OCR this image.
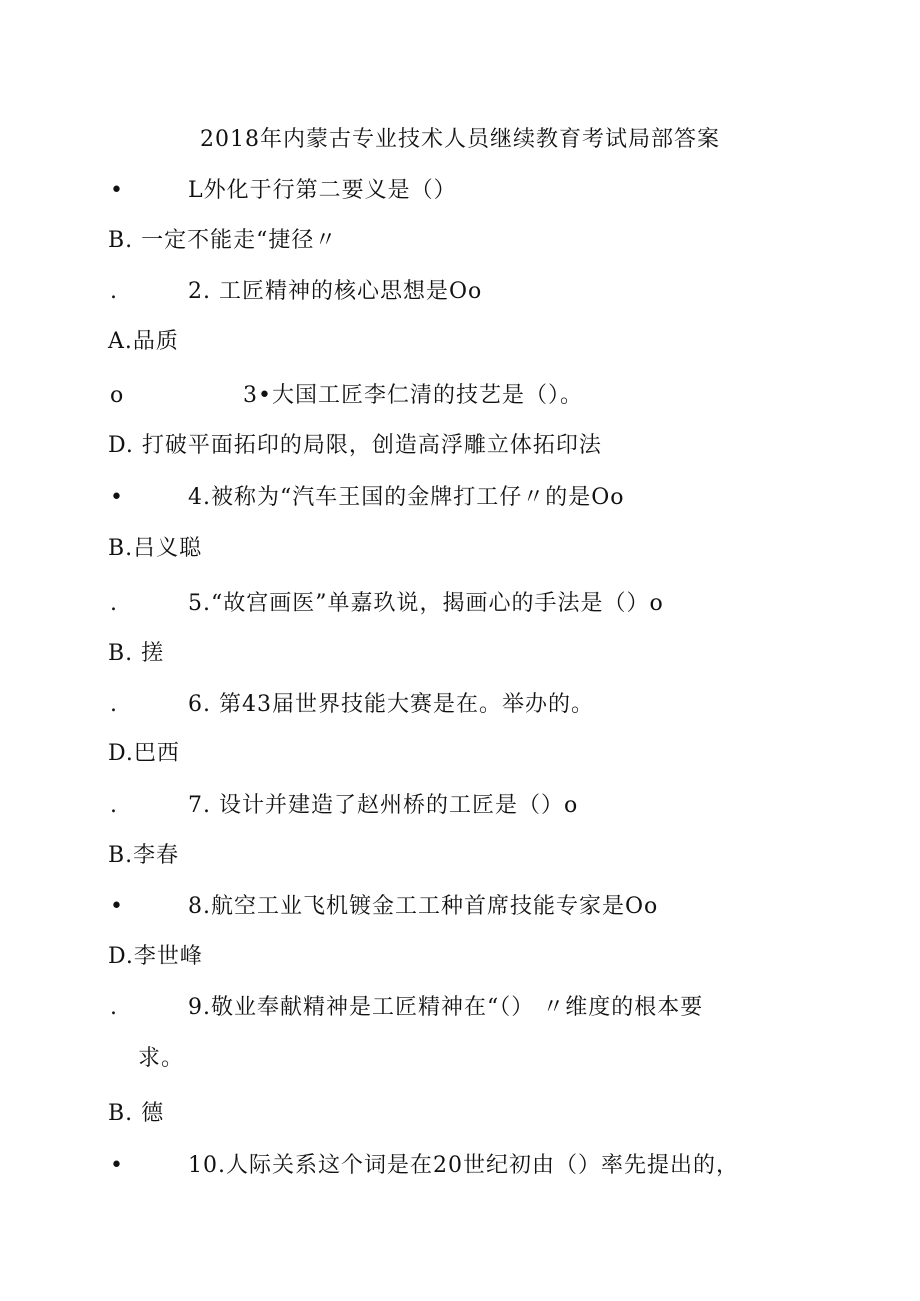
2018年内蒙古专业技术人员继续教育考试局部答案
•	L外化于行第二要义是（）
B. 一定不能走“捷径〃
.	2. 工匠精神的核心思想是Oo
A.品质
o	3•大国工匠李仁清的技艺是（）。
D. 打破平面拓印的局限，创造高浮雕立体拓印法
•	4.被称为“汽车王国的金牌打工仔〃的是Oo
B.吕义聪
.	5.“故宫画医”单嘉玖说，揭画心的手法是（）o
B. 搓
.	6. 第43届世界技能大赛是在。举办的。
D.巴西
.	7. 设计并建造了赵州桥的工匠是（）o
B.李春
•	8.航空工业飞机镀金工工种首席技能专家是Oo
D.李世峰
.	9.敬业奉献精神是工匠精神在“（） 〃维度的根本要
求。
B. 德
•	10.人际关系这个词是在20世纪初由（）率先提出的，
